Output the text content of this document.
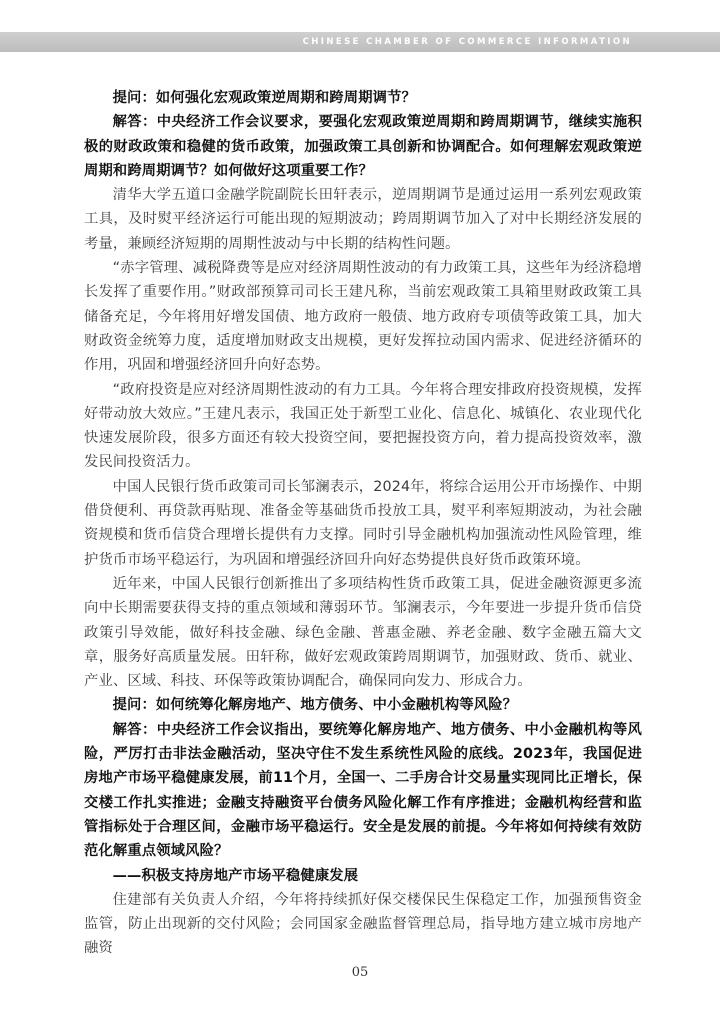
CHINESE CHAMBER OF COMMERCE INFORMATION

提问：如何强化宏观政策逆周期和跨周期调节？

解答：中央经济工作会议要求，要强化宏观政策逆周期和跨周期调节，继续实施积极的财政政策和稳健的货币政策，加强政策工具创新和协调配合。如何理解宏观政策逆周期和跨周期调节？如何做好这项重要工作？

清华大学五道口金融学院副院长田轩表示，逆周期调节是通过运用一系列宏观政策工具，及时熨平经济运行可能出现的短期波动；跨周期调节加入了对中长期经济发展的考量，兼顾经济短期的周期性波动与中长期的结构性问题。

“赤字管理、减税降费等是应对经济周期性波动的有力政策工具，这些年为经济稳增长发挥了重要作用。”财政部预算司司长王建凡称，当前宏观政策工具箱里财政政策工具储备充足，今年将用好增发国债、地方政府一般债、地方政府专项债等政策工具，加大财政资金统筹力度，适度增加财政支出规模，更好发挥拉动国内需求、促进经济循环的作用，巩固和增强经济回升向好态势。

“政府投资是应对经济周期性波动的有力工具。今年将合理安排政府投资规模，发挥好带动放大效应。”王建凡表示，我国正处于新型工业化、信息化、城镇化、农业现代化快速发展阶段，很多方面还有较大投资空间，要把握投资方向，着力提高投资效率，激发民间投资活力。

中国人民银行货币政策司司长邹澜表示，2024年，将综合运用公开市场操作、中期借贷便利、再贷款再贴现、准备金等基础货币投放工具，熨平利率短期波动，为社会融资规模和货币信贷合理增长提供有力支撑。同时引导金融机构加强流动性风险管理，维护货币市场平稳运行，为巩固和增强经济回升向好态势提供良好货币政策环境。

近年来，中国人民银行创新推出了多项结构性货币政策工具，促进金融资源更多流向中长期需要获得支持的重点领域和薄弱环节。邹澜表示，今年要进一步提升货币信贷政策引导效能，做好科技金融、绿色金融、普惠金融、养老金融、数字金融五篇大文章，服务好高质量发展。田轩称，做好宏观政策跨周期调节，加强财政、货币、就业、产业、区域、科技、环保等政策协调配合，确保同向发力、形成合力。

提问：如何统筹化解房地产、地方债务、中小金融机构等风险？

解答：中央经济工作会议指出，要统筹化解房地产、地方债务、中小金融机构等风险，严厉打击非法金融活动，坚决守住不发生系统性风险的底线。2023年，我国促进房地产市场平稳健康发展，前11个月，全国一、二手房合计交易量实现同比正增长，保交楼工作扎实推进；金融支持融资平台债务风险化解工作有序推进；金融机构经营和监管指标处于合理区间，金融市场平稳运行。安全是发展的前提。今年将如何持续有效防范化解重点领域风险？

——积极支持房地产市场平稳健康发展

住建部有关负责人介绍，今年将持续抓好保交楼保民生保稳定工作，加强预售资金监管，防止出现新的交付风险；会同国家金融监督管理总局，指导地方建立城市房地产融资

05
